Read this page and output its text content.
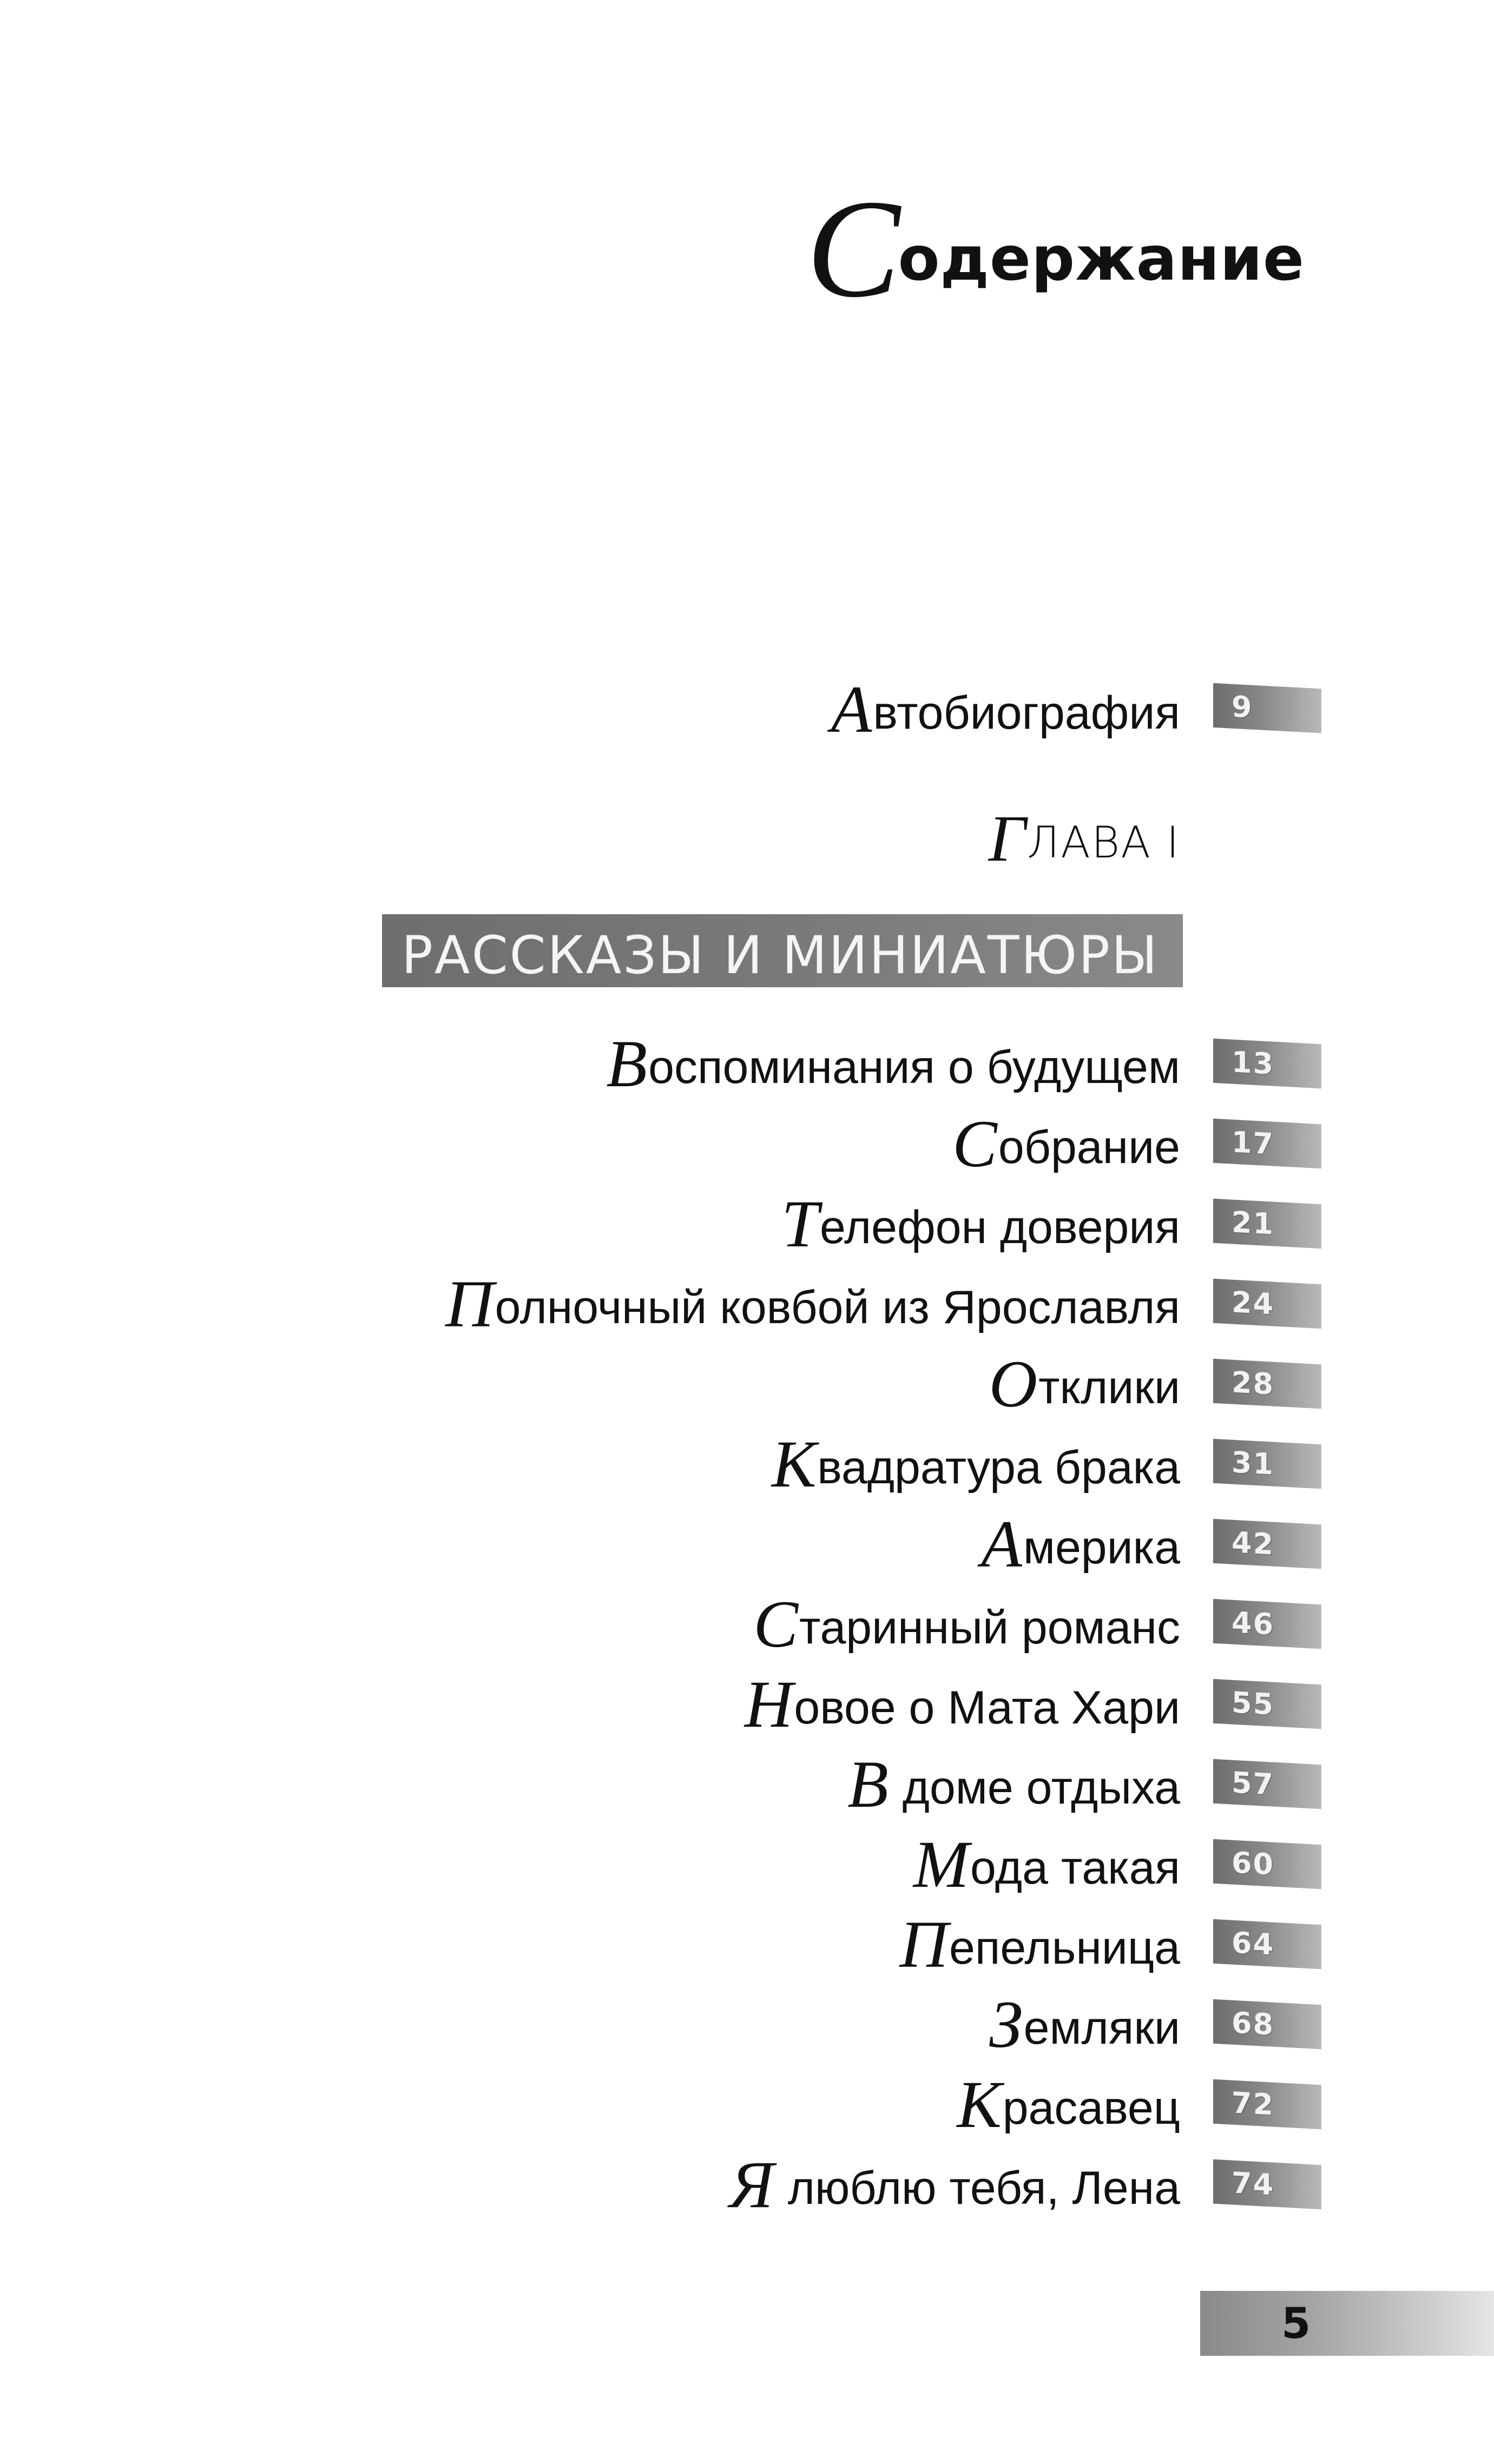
Содержание
Автобиография 9
ГЛАВА I
РАССКАЗЫ И МИНИАТЮРЫ
Воспоминания о будущем 13
Собрание 17
Телефон доверия 21
Полночный ковбой из Ярославля 24
Отклики 28
Квадратура брака 31
Америка 42
Старинный романс 46
Новое о Мата Хари 55
В доме отдыха 57
Мода такая 60
Пепельница 64
Земляки 68
Красавец 72
Я люблю тебя, Лена 74
5
